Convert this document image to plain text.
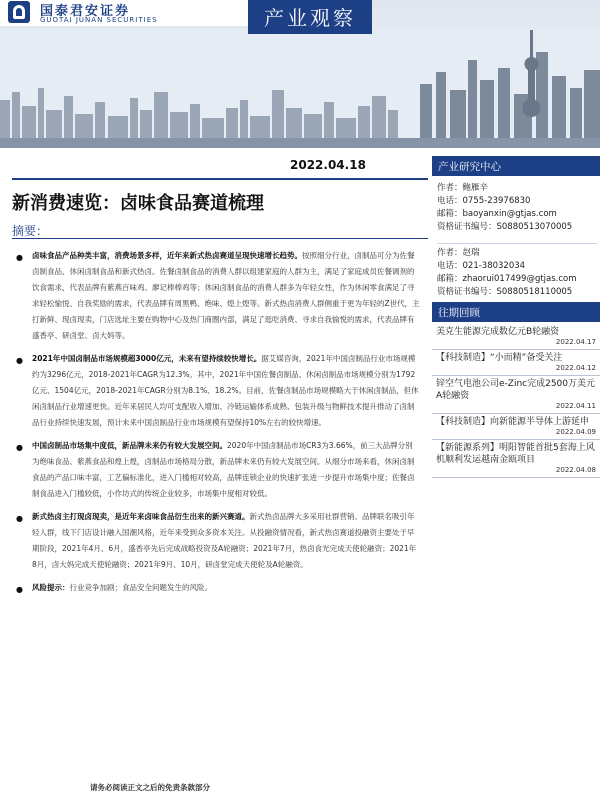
国泰君安证券
GUOTAI JUNAN SECURITIES	产业观察
2022.04.18
新消费速览：卤味食品赛道梳理
摘要：
● 卤味食品产品种类丰富，消费场景多样，近年来新式热卤赛道呈现快速增长趋势。按照细分行业，卤制品可分为佐餐卤制食品、休闲卤制食品和新式热卤。佐餐卤制食品的消费人群以组建家庭的人群为主，满足了家庭成员佐餐调剂的饮食需求，代表品牌有紫燕百味鸡、廖记棒棒鸡等；休闲卤制食品的消费人群多为年轻女性，作为休闲零食满足了寻求轻松愉悦、自我奖励的需求，代表品牌有周黑鸭、绝味、煌上煌等。新式热卤消费人群侧重于更为年轻的Z世代，主打新鲜、现卤现卖，门店选址主要在购物中心及热门商圈内部，满足了逛吃消费、寻求自我愉悦的需求，代表品牌有盛香亭、研卤堂、卤大妈等。
● 2021年中国卤制品市场规模超3000亿元，未来有望持续较快增长。据艾媒咨询，2021年中国卤制品行业市场规模约为3296亿元，2018-2021年CAGR为12.3%。其中，2021年中国佐餐卤制品、休闲卤制品市场规模分别为1792亿元、1504亿元，2018-2021年CAGR分别为8.1%、18.2%。目前，佐餐卤制品市场规模略大于休闲卤制品，但休闲卤制品行业增速更快。近年来居民人均可支配收入增加、冷链运输体系成熟、包装升级与物鲜技术提升推动了卤制品行业持续快速发展，预计未来中国卤制品行业市场规模有望保持10%左右的较快增速。
● 中国卤制品市场集中度低，新品牌未来仍有较大发展空间。2020年中国卤制品市场CR3为3.66%，前三大品牌分别为绝味食品、紫燕食品和煌上煌，卤制品市场格局分散，新品牌未来仍有较大发展空间。从细分市场来看，休闲卤制食品的产品口味丰富，工艺偏标准化，进入门槛相对较高，品牌连锁企业的快速扩张进一步提升市场集中度；佐餐卤制食品进入门槛较低，小作坊式的传统企业较多，市场集中度相对较低。
● 新式热卤主打现卤现卖，是近年来卤味食品衍生出来的新兴赛道。新式热卤品牌大多采用社群营销、品牌联名吸引年轻人群，线下门店设计融入国潮风格，近年来受到众多资本关注。从投融资情况看，新式热卤赛道投融资主要处于早期阶段，2021年4月、6月，盛香亭先后完成战略投资及A轮融资；2021年7月，热卤食光完成天使轮融资；2021年8月，卤大妈完成天使轮融资；2021年9月、10月，研卤堂完成天使轮及A轮融资。
● 风险提示：行业竞争加剧；食品安全问题发生的风险。
请务必阅读正文之后的免责条款部分
产业研究中心
作者：鲍雁辛
电话：0755-23976830
邮箱：baoyanxin@gtjas.com
资格证书编号：S0880513070005
作者：赵瑞
电话：021-38032034
邮箱：zhaorui017499@gtjas.com
资格证书编号：S0880518110005
往期回顾
美克生能源完成数亿元B轮融资
2022.04.17
【科技制造】“小而精”备受关注
2022.04.12
锌空气电池公司e-Zinc完成2500万美元A轮融资
2022.04.11
【科技制造】向新能源半导体上游延申
2022.04.09
【新能源系列】明阳智能首批5套海上风机顺利发运越南金瓯项目
2022.04.08
